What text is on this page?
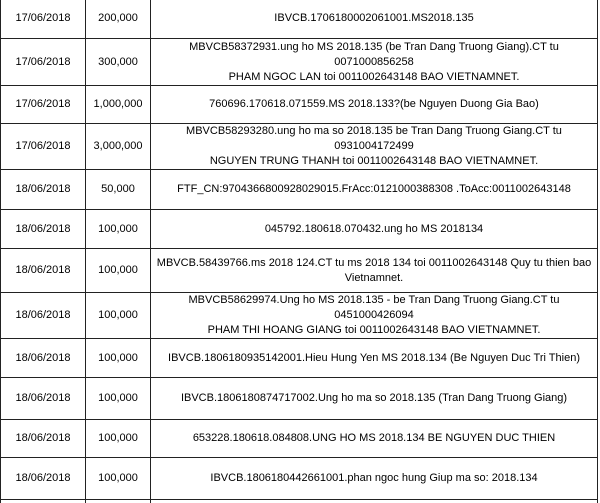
17/06/2018	200,000	IBVCB.1706180002061001.MS2018.135

17/06/2018	300,000	MBVCB58372931.ung ho MS 2018.135 (be Tran Dang Truong Giang).CT tu 0071000856258
PHAM NGOC LAN toi 0011002643148 BAO VIETNAMNET.

17/06/2018	1,000,000	760696.170618.071559.MS 2018.133?(be Nguyen Duong Gia Bao)

17/06/2018	3,000,000	MBVCB58293280.ung ho ma so 2018.135 be Tran Dang Truong Giang.CT tu 0931004172499
NGUYEN TRUNG THANH toi 0011002643148 BAO VIETNAMNET.

18/06/2018	50,000	FTF_CN:9704366800928029015.FrAcc:0121000388308 .ToAcc:0011002643148

18/06/2018	100,000	045792.180618.070432.ung ho MS 2018134

18/06/2018	100,000	MBVCB.58439766.ms 2018 124.CT tu ms 2018 134 toi 0011002643148 Quy tu thien bao
Vietnamnet.

18/06/2018	100,000	MBVCB58629974.Ung ho MS 2018.135 - be Tran Dang Truong Giang.CT tu 0451000426094
PHAM THI HOANG GIANG toi 0011002643148 BAO VIETNAMNET.

18/06/2018	100,000	IBVCB.1806180935142001.Hieu Hung Yen MS 2018.134 (Be Nguyen Duc Tri Thien)

18/06/2018	100,000	IBVCB.1806180874717002.Ung ho ma so 2018.135 (Tran Dang Truong Giang)

18/06/2018	100,000	653228.180618.084808.UNG HO MS 2018.134 BE NGUYEN DUC THIEN

18/06/2018	100,000	IBVCB.1806180442661001.phan ngoc hung Giup ma so: 2018.134
